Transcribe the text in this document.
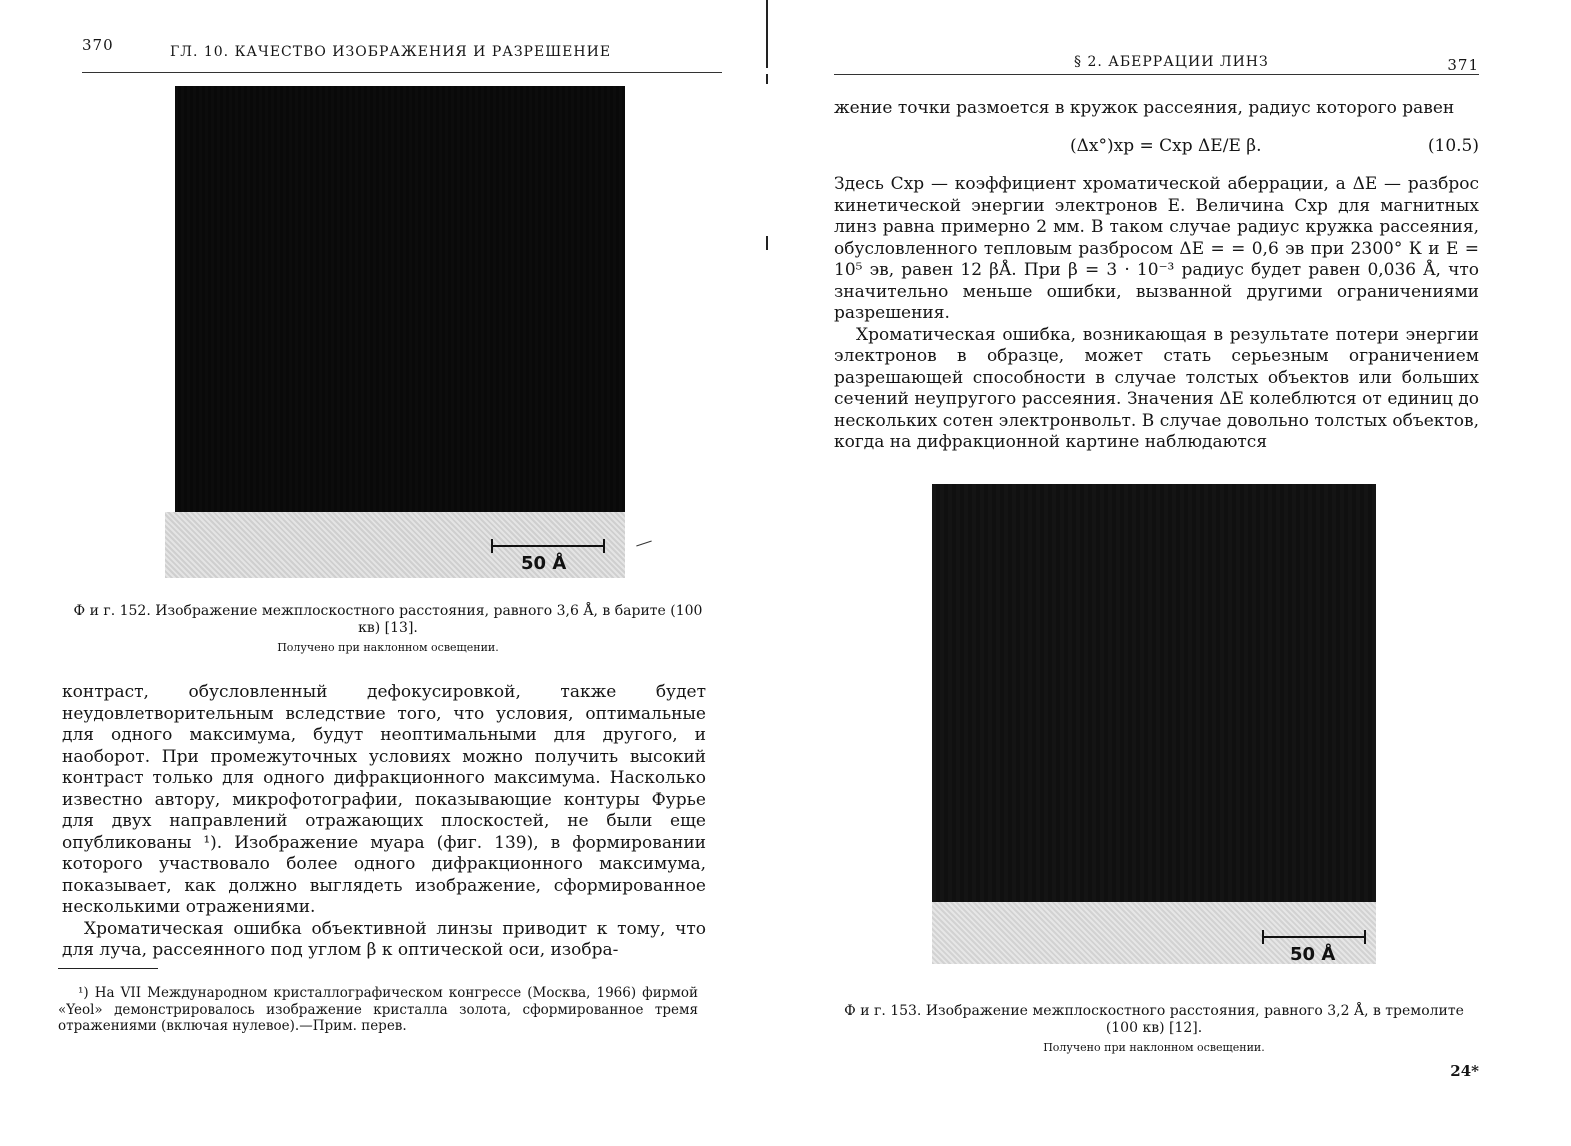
370	ГЛ. 10. КАЧЕСТВО ИЗОБРАЖЕНИЯ И РАЗРЕШЕНИЕ
50 Å
Ф и г. 152. Изображение межплоскостного расстояния, равного 3,6 Å, в барите (100 кв) [13].
Получено при наклонном освещении.

контраст, обусловленный дефокусировкой, также будет неудовлетворительным вследствие того, что условия, оптимальные для одного максимума, будут неоптимальными для другого, и наоборот. При промежуточных условиях можно получить высокий контраст только для одного дифракционного максимума. Насколько известно автору, микрофотографии, показывающие контуры Фурье для двух направлений отражающих плоскостей, не были еще опубликованы ¹). Изображение муара (фиг. 139), в формировании которого участвовало более одного дифракционного максимума, показывает, как должно выглядеть изображение, сформированное несколькими отражениями.

Хроматическая ошибка объективной линзы приводит к тому, что для луча, рассеянного под углом β к оптической оси, изобра-

¹) На VII Международном кристаллографическом конгрессе (Москва, 1966) фирмой «Yeol» демонстрировалось изображение кристалла золота, сформированное тремя отражениями (включая нулевое).—Прим. перев.
§ 2. АБЕРРАЦИИ ЛИНЗ	371
жение точки размоется в кружок рассеяния, радиус которого равен
(Δx°)хр = Cхр ΔE/E β.	(10.5)

Здесь Cхр — коэффициент хроматической аберрации, а ΔE — разброс кинетической энергии электронов E. Величина Cхр для магнитных линз равна примерно 2 мм. В таком случае радиус кружка рассеяния, обусловленного тепловым разбросом ΔE = = 0,6 эв при 2300° К и E = 10⁵ эв, равен 12 βÅ. При β = 3 · 10⁻³ радиус будет равен 0,036 Å, что значительно меньше ошибки, вызванной другими ограничениями разрешения.

Хроматическая ошибка, возникающая в результате потери энергии электронов в образце, может стать серьезным ограничением разрешающей способности в случае толстых объектов или больших сечений неупругого рассеяния. Значения ΔE колеблются от единиц до нескольких сотен электронвольт. В случае довольно толстых объектов, когда на дифракционной картине наблюдаются

50 Å
Ф и г. 153. Изображение межплоскостного расстояния, равного 3,2 Å, в тремолите (100 кв) [12].
Получено при наклонном освещении.
24*
